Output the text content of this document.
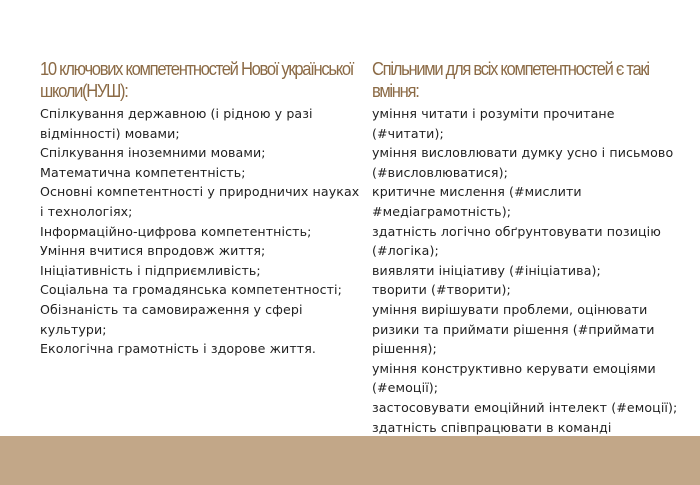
10 ключових компетентностей Нової української школи(НУШ):
Спілкування державною (і рідною у разі відмінності) мовами;
Спілкування іноземними мовами;
Математична компетентність;
Основні компетентності у природничих науках і технологіях;
Інформаційно-цифрова компетентність;
Уміння вчитися впродовж життя;
Ініціативність і підприємливість;
Соціальна та громадянська компетентності;
Обізнаність та самовираження у сфері культури;
Екологічна грамотність і здорове життя.
Спільними для всіх компетентностей є такі вміння:
уміння читати і розуміти прочитане (#читати);
уміння висловлювати думку усно і письмово (#висловлюватися);
критичне мислення (#мислити #медіаграмотність);
здатність логічно обґрунтовувати позицію (#логіка);
виявляти ініціативу (#ініціатива);
творити (#творити);
уміння вирішувати проблеми, оцінювати ризики та приймати рішення (#приймати рішення);
уміння конструктивно керувати емоціями (#емоції);
застосовувати емоційний інтелект (#емоції);
здатність співпрацювати в команді
